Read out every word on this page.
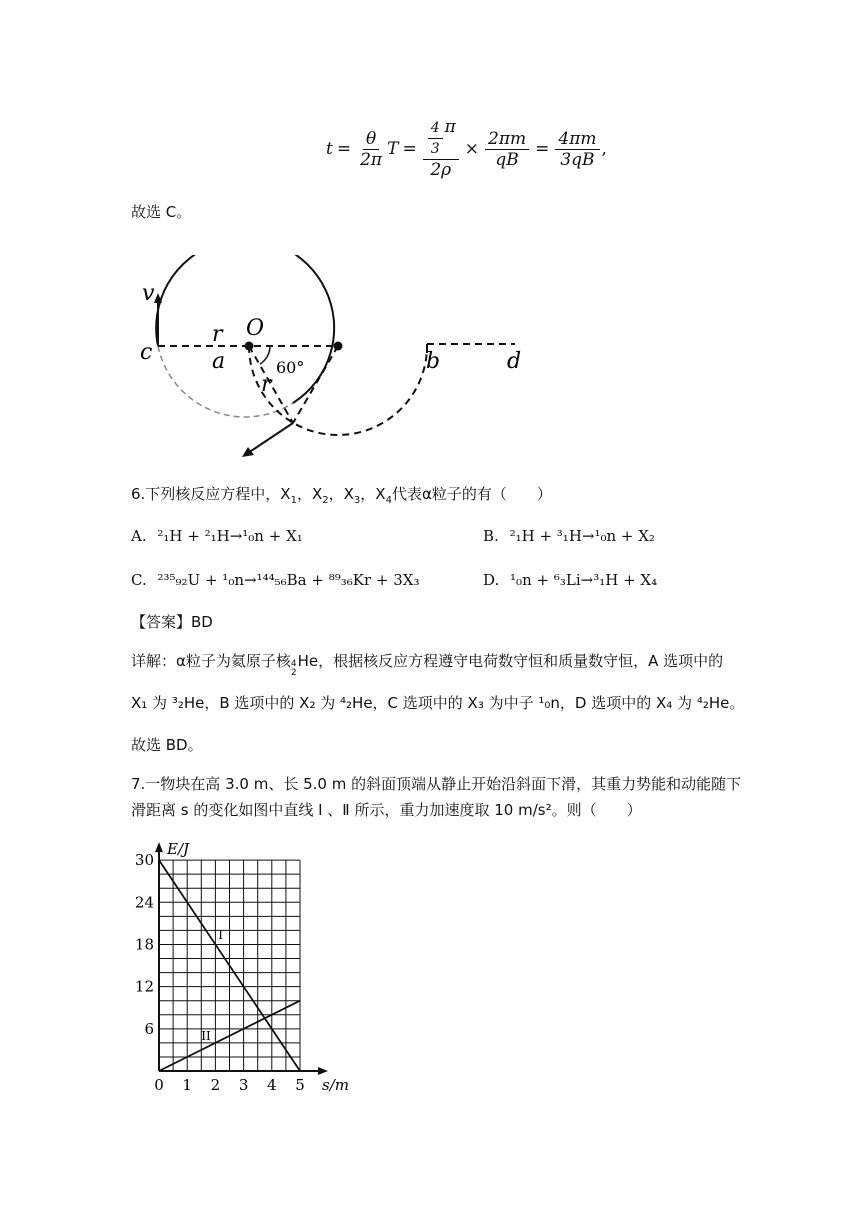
$t = \frac{\theta}{2\pi}$ $T = \frac{\frac{4}{3} \pi}{2\rho} \times \frac{2\pi m}{qB} = \frac{4\pi m}{3qB}$ ,
故选 C。
v
c
r O
a	60°
r
b	d
6.下列核反应方程中，$X_1$，$X_2$，$X_3$，$X_4$代表α粒子的有（　　）
A. ²₁H + ²₁H→¹₀n + X₁	B. ²₁H + ³₁H→¹₀n + X₂
C. ²³⁵₉₂U + ¹₀n→¹⁴⁴₅₆Ba + ⁸⁹₃₆Kr + 3X₃	D. ¹₀n + ⁶₃Li→³₁H + X₄
【答案】BD
详解：α粒子为氦原子核 4
2
He，根据核反应方程遵守电荷数守恒和质量数守恒，A 选项中的
X₁ 为 ³₂He，B 选项中的 X₂ 为 ⁴₂He，C 选项中的 X₃ 为中子 ¹₀n，D 选项中的 X₄ 为 ⁴₂He。
故选 BD。
7.一物块在高 3.0 m、长 5.0 m 的斜面顶端从静止开始沿斜面下滑，其重力势能和动能随下
滑距离 s 的变化如图中直线 Ⅰ 、Ⅱ 所示，重力加速度取 10 m/s²。则（　　）
0 1 2 3 4 5
6
12
18
24
30
s/m
E/J
I
II
